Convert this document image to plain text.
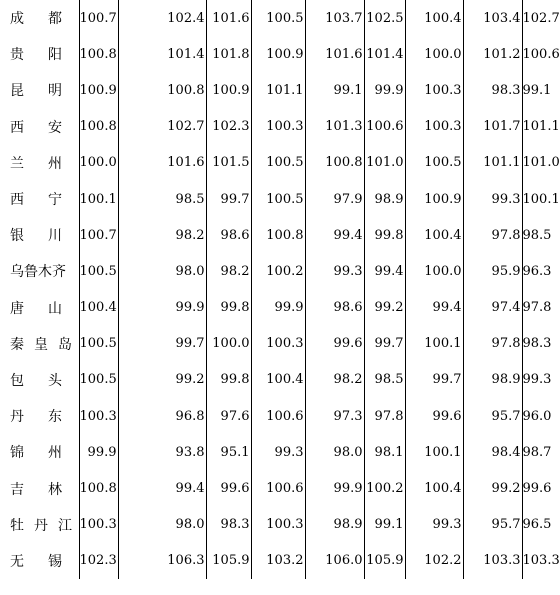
成都	100.7	102.4	101.6	100.5	103.7	102.5	100.4	103.4	102.7

贵阳	100.8	101.4	101.8	100.9	101.6	101.4	100.0	101.2	100.6

昆明	100.9	100.8	100.9	101.1	99.1	99.9	100.3	98.3	99.1

西安	100.8	102.7	102.3	100.3	101.3	100.6	100.3	101.7	101.1

兰州	100.0	101.6	101.5	100.5	100.8	101.0	100.5	101.1	101.0

西宁	100.1	98.5	99.7	100.5	97.9	98.9	100.9	99.3	100.1

银川	100.7	98.2	98.6	100.8	99.4	99.8	100.4	97.8	98.5

乌鲁木齐	100.5	98.0	98.2	100.2	99.3	99.4	100.0	95.9	96.3

唐山	100.4	99.9	99.8	99.9	98.6	99.2	99.4	97.4	97.8

秦皇岛	100.5	99.7	100.0	100.3	99.6	99.7	100.1	97.8	98.3

包头	100.5	99.2	99.8	100.4	98.2	98.5	99.7	98.9	99.3

丹东	100.3	96.8	97.6	100.6	97.3	97.8	99.6	95.7	96.0

锦州	99.9	93.8	95.1	99.3	98.0	98.1	100.1	98.4	98.7

吉林	100.8	99.4	99.6	100.6	99.9	100.2	100.4	99.2	99.6

牡丹江	100.3	98.0	98.3	100.3	98.9	99.1	99.3	95.7	96.5

无锡	102.3	106.3	105.9	103.2	106.0	105.9	102.2	103.3	103.3
